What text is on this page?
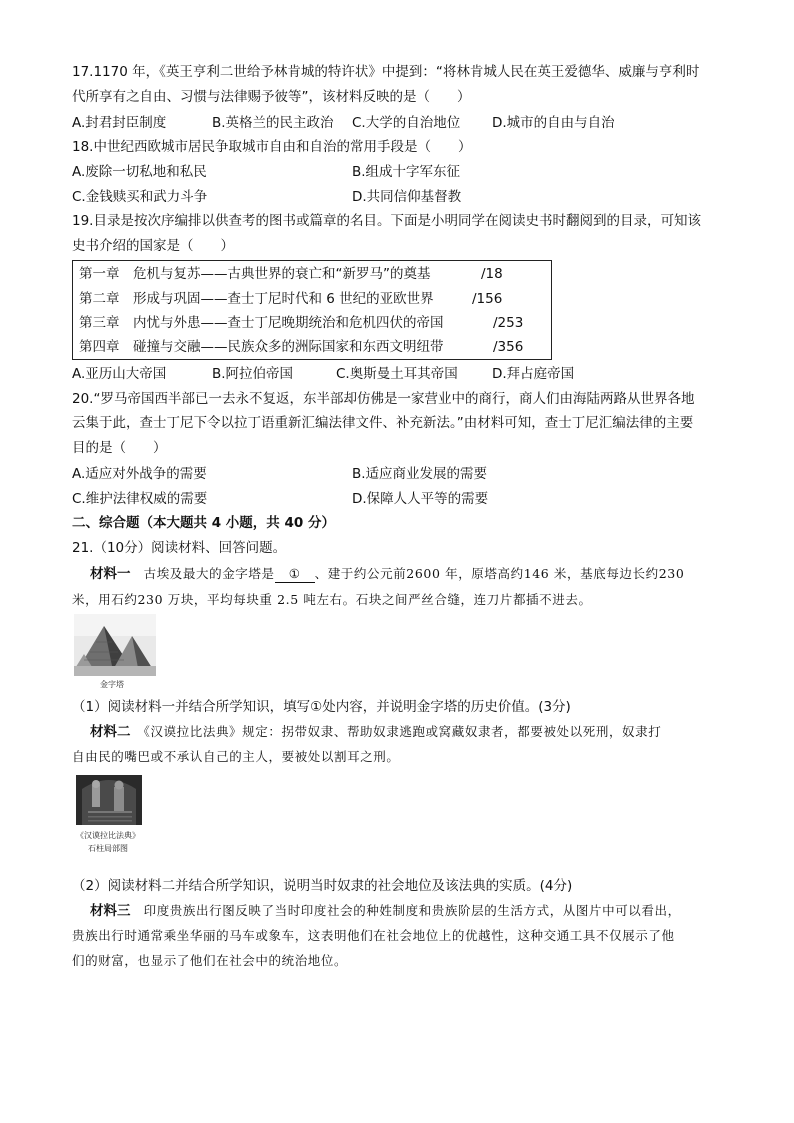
17.1170 年，《英王亨利二世给予林肯城的特许状》中提到：“将林肯城人民在英王爱德华、威廉与亨利时
代所享有之自由、习惯与法律赐予彼等”，该材料反映的是（　　）
A.封君封臣制度	B.英格兰的民主政治 C.大学的自治地位 D.城市的自由与自治
18.中世纪西欧城市居民争取城市自由和自治的常用手段是（　　）
A.废除一切私地和私民	B.组成十字军东征
C.金钱赎买和武力斗争	D.共同信仰基督教
19.目录是按次序编排以供查考的图书或篇章的名目。下面是小明同学在阅读史书时翻阅到的目录，可知该
史书介绍的国家是（　　）
第一章　危机与复苏——古典世界的衰亡和“新罗马”的奠基	/18
第二章　形成与巩固——查士丁尼时代和 6 世纪的亚欧世界	/156
第三章　内忧与外患——查士丁尼晚期统治和危机四伏的帝国	/253
第四章　碰撞与交融——民族众多的洲际国家和东西文明纽带	/356
A.亚历山大帝国	B.阿拉伯帝国	C.奥斯曼土耳其帝国	D.拜占庭帝国
20.“罗马帝国西半部已一去永不复返，东半部却仿佛是一家营业中的商行，商人们由海陆两路从世界各地
云集于此，查士丁尼下令以拉丁语重新汇编法律文件、补充新法。”由材料可知，查士丁尼汇编法律的主要
目的是（　　）
A.适应对外战争的需要	B.适应商业发展的需要
C.维护法律权威的需要	D.保障人人平等的需要
二、综合题（本大题共 4 小题，共 40 分）
21.（10分）阅读材料、回答问题。
材料一　古埃及最大的金字塔是 ① 、建于约公元前2600 年，原塔高约146 米，基底每边长约230
米，用石约230 万块，平均每块重 2.5 吨左右。石块之间严丝合缝，连刀片都插不进去。
金字塔
（1）阅读材料一并结合所学知识，填写①处内容，并说明金字塔的历史价值。(3分)
材料二　《汉谟拉比法典》规定：拐带奴隶、帮助奴隶逃跑或窝藏奴隶者，都要被处以死刑，奴隶打
自由民的嘴巴或不承认自己的主人，要被处以割耳之刑。
《汉谟拉比法典》
石柱局部图
（2）阅读材料二并结合所学知识，说明当时奴隶的社会地位及该法典的实质。(4分)
材料三　印度贵族出行图反映了当时印度社会的种姓制度和贵族阶层的生活方式，从图片中可以看出，
贵族出行时通常乘坐华丽的马车或象车，这表明他们在社会地位上的优越性，这种交通工具不仅展示了他
们的财富，也显示了他们在社会中的统治地位。
